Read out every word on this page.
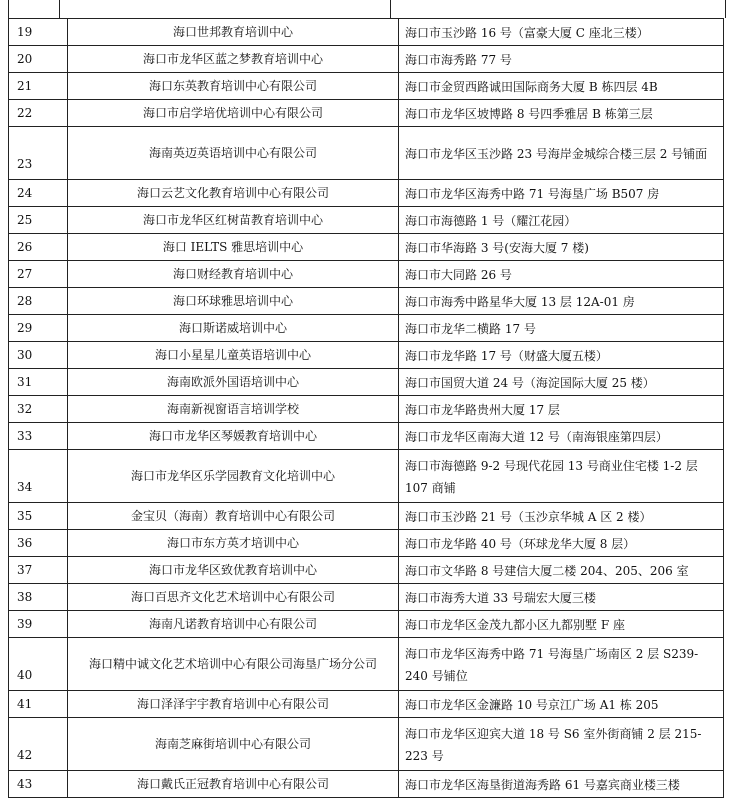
19	海口世邦教育培训中心	海口市玉沙路 16 号（富豪大厦 C 座北三楼）
20	海口市龙华区蓝之梦教育培训中心	海口市海秀路 77 号
21	海口东英教育培训中心有限公司	海口市金贸西路诚田国际商务大厦 B 栋四层 4B
22	海口市启学培优培训中心有限公司	海口市龙华区坡博路 8 号四季雅居 B 栋第三层
23	海南英迈英语培训中心有限公司	海口市龙华区玉沙路 23 号海岸金城综合楼三层 2 号铺面
24	海口云艺文化教育培训中心有限公司	海口市龙华区海秀中路 71 号海垦广场 B507 房
25	海口市龙华区红树苗教育培训中心	海口市海德路 1 号（耀江花园）
26	海口 IELTS 雅思培训中心	海口市华海路 3 号(安海大厦 7 楼)
27	海口财经教育培训中心	海口市大同路 26 号
28	海口环球雅思培训中心	海口市海秀中路星华大厦 13 层 12A-01 房
29	海口斯诺威培训中心	海口市龙华二横路 17 号
30	海口小星星儿童英语培训中心	海口市龙华路 17 号（财盛大厦五楼）
31	海南欧派外国语培训中心	海口市国贸大道 24 号（海淀国际大厦 25 楼）
32	海南新视窗语言培训学校	海口市龙华路贵州大厦 17 层
33	海口市龙华区琴媛教育培训中心	海口市龙华区南海大道 12 号（南海银座第四层）
34	海口市龙华区乐学园教育文化培训中心	海口市海德路 9-2 号现代花园 13 号商业住宅楼 1-2 层 107 商铺
35	金宝贝（海南）教育培训中心有限公司	海口市玉沙路 21 号（玉沙京华城 A 区 2 楼）
36	海口市东方英才培训中心	海口市龙华路 40 号（环球龙华大厦 8 层）
37	海口市龙华区致优教育培训中心	海口市文华路 8 号建信大厦二楼 204、205、206 室
38	海口百思齐文化艺术培训中心有限公司	海口市海秀大道 33 号瑞宏大厦三楼
39	海南凡诺教育培训中心有限公司	海口市龙华区金茂九都小区九都别墅 F 座
40	海口精中诚文化艺术培训中心有限公司海垦广场分公司	海口市龙华区海秀中路 71 号海垦广场南区 2 层 S239-240 号铺位
41	海口泽泽宇宇教育培训中心有限公司	海口市龙华区金濂路 10 号京江广场 A1 栋 205
42	海南芝麻街培训中心有限公司	海口市龙华区迎宾大道 18 号 S6 室外街商铺 2 层 215-223 号
43	海口戴氏正冠教育培训中心有限公司	海口市龙华区海垦街道海秀路 61 号嘉宾商业楼三楼
